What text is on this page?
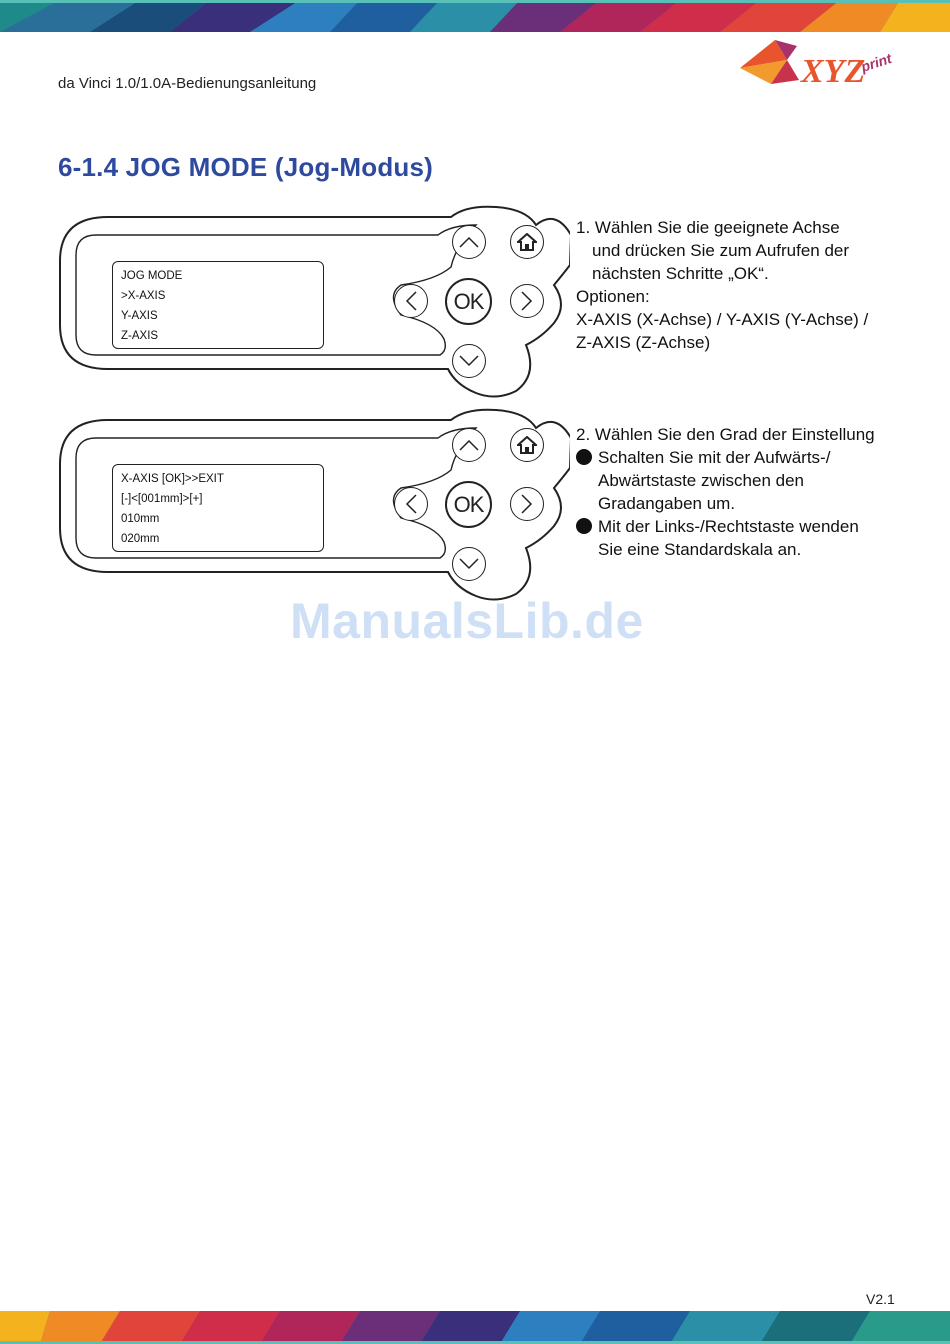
da Vinci 1.0/1.0A-Bedienungsanleitung	XYZ
print
6-1.4 JOG MODE (Jog-Modus)
JOG MODE
>X-AXIS
Y-AXIS
Z-AXIS
OK

1. Wählen Sie die geeignete Achse

und drücken Sie zum Aufrufen der

nächsten Schritte „OK“.

Optionen:

X-AXIS (X-Achse) / Y-AXIS (Y-Achse) /

Z-AXIS (Z-Achse)

X-AXIS [OK]>>EXIT
[-]<[001mm]>[+]
010mm
020mm
OK

2. Wählen Sie den Grad der Einstellung

Schalten Sie mit der Aufwärts-/

Abwärtstaste zwischen den

Gradangaben um.

Mit der Links-/Rechtstaste wenden

Sie eine Standardskala an.

ManualsLib.de
V2.1
